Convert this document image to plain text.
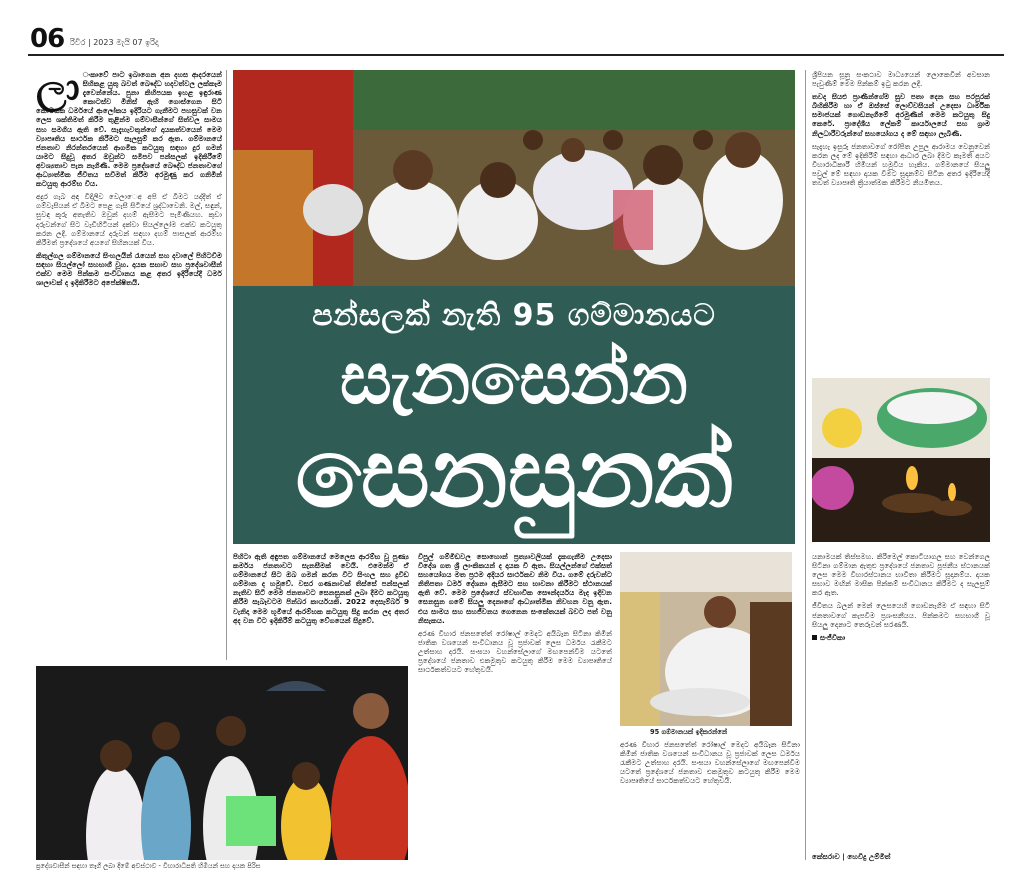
06 රිවිර | 2023 මැයි 07 ඉරිදා
ලා ංකාවේ පාට ඉබාගෙන අන දහස ආදරයෙන් සිහිකළ යුතු බවත් බෞද්ධ හදවත්වල ලක්කෑම දැවෙන්නේය. පුනා කිහිපයක ඉහළ ඉඳුරාණ කොටස්ව මිනිස් ඇහි ගොස්ගෙන සිටි කොටසක ධර්මයේ ආලෝකය ඉදිරියට ගැනීමට පහසුවක් වන ලෙස ශක්තිමත් කිරීම තුළින්ම ගම්වාසීන්ගේ සිත්වල සාමය සහ සමගිය ඇති වේ. සැදැහැවතුන්ගේ දායකත්වයෙන් මෙම ව්‍යාපෘතිය සාර්ථක කිරීමට සැලසුම් කර ඇත. ගම්මානයේ ජනතාව නිරන්තරයෙන් ආගමික කටයුතු සඳහා දුර ගමන් යාමට සිදුවූ අතර ඔවුන්ට සමීපව පන්සලක් ඉදිකිරීමේ අවශ්‍යතාව පැන නැගිණි. මෙම ප්‍රදේශයේ බෞද්ධ ජනතාවගේ ආධ්‍යාත්මික ජීවිතය සවිමත් කිරීම අරමුණු කර ගනිමින් කටයුතු ආරම්භ විය.

අදුර ගැබ අඳ විදිලිව වෙලාෙඅ අපි ඒ බිමට යද්දීත් ඒ ගම්වැසියන් ඒ බිමට පෙළ ගැසී සිටියේ ශ්‍රද්ධාවෙනි. මල්, සඳුන්, සුවඳ කූරු අතැතිව ඔවුන් දහම් ඇසීමට පැමිණියහ. කුඩා දරුවන්ගේ සිට වැඩිහිටියන් දක්වා සියල්ලෝම එක්ව කටයුතු කරන ලදී. ගම්මානයේ දරුවන් සඳහා දහම් පාසලක් ආරම්භ කිරීමත් ප්‍රදේශයේ අයගේ සිහිනයක් විය.

කිතුල්ගල ගම්මානයේ සිංහලයින් රැයෙන් සහ දවාලේ පිහිටවීම සඳහා සියල්ලෝ සහභාගී වූහ. දායක සභාව සහ ප්‍රදේශවාසීන් එක්ව මෙම පින්කම සංවිධානය කළ අතර ඉදිරියේදී ධර්ම ශාලාවක් ද ඉදිකිරීමට අපේක්ෂිතයි.

පන්සලක් නැති 95 ගම්මානයට
සැනසෙන්න
සෙනසුනක්

පිහිටා ඇති අඳුපත ගම්මානයේ මෙලෙස ආරම්භ වූ පුණ්‍ය කර්මය ජනතාවට සැනසීමක් වෙයි. එමෙන්ම ඒ ගම්මානයේ සිට ඔබ ගමන් කරන විට සිංහල සහ ද්‍රවිඩ ගම්මාන ද හමුවේ. වසර ගණනාවක් තිස්සේ පන්සලක් නැතිව සිටි මෙම ජනතාවට සෙනසුනක් ලබා දීමට කටයුතු කිරීම සැබෑවටම පින්බර කාර්යයකි. 2022 දෙසැම්බර් 9 වැනිදා මෙම භූමියේ ආරම්භක කටයුතු සිදු කරන ලද අතර අද වන විට ඉදිකිරීම් කටයුතු වේගයෙන් සිදුවේ.

විපුල් ගම්මිඩවල සොහොන් ප්‍රත්‍යාවලියක් දැකගැනීම උදෙසා විදේශ ගත ශ්‍රී ලාංකිකයන් ද දායක වී ඇත. සියල්ලන්ගේ එක්සත් සහයෝගය මත ප්‍රථම අදියර සාර්ථකව නිම විය. ගමේ දරුවන්ට නිතිපතා ධර්ම දේශනා ඇසීමට සහ භාවනා කිරීමට ස්ථානයක් ඇති වේ. මෙම ප්‍රදේශයේ ස්වභාවික සෞන්දර්යය මැද ඉදිවන සෙනසුන ගමේ සියලු දෙනාගේ ආධ්‍යාත්මික නිවහන වනු ඇත. එය සාමය සහ සහජීවනය ගෙනෙන සංකේතයක් බවට පත් වනු නිසැකය.

අරණ විහාර ජනසතේත් රෝෂාල් මෙදට අයිබෑන සිටීනා කිමින් ජාතික වශයෙන් සංවිධානය වූ ප්‍රජාවක් ලෙස ධර්මය රැකීමට උත්සාහ දරයි. සංඝයා වහන්සේලාගේ මඟපෙන්වීම යටතේ ප්‍රදේශයේ ජනතාව එකමුතුව කටයුතු කිරීම මෙම ව්‍යාපෘතියේ සාර්ථකත්වයට හේතුවයි.

ප්‍රදේශවාසීන් සඳහා තෑගී ලබා දීමේ අවස්ථාව - විහාරාධිපති හිමියන් සහ දායක පිරිස
95 ගම්මානයක් ඉදිකරන්නේ

ශ්‍රීපියන සූනු සංකථාව මාධ්‍යයෙන් ලොකෙවින් අවසාන පැවුණිම් මෙම පින්කම් ඉටු කරන ලදී.

තවද සියළු ප්‍රාණීන්ගේම සුව පතා දෙන සහ පරපුරක් බිහිකිරීම හා ඒ ඔස්සේ ලොව්වසියන් උදෙසා ධාර්මික සමාජයක් ගොඩනැගීමේ අරමුණින් මෙම කටයුතු සිදු කෙරේ. ප්‍රාදේශීය ලේකම් කාර්යාලයේ සහ ග්‍රාම නිලධාරීවරුන්ගේ සහයෝගය ද මේ සඳහා ලැබිණි.

සැදැහැ ඉසුරු ජනතාවගේ රෝපිත උපුල ආරාමය වෙනුවෙන් කරන ලද මේ ඉදිකිරීම් සඳහා ආධාර ලබා දීමට කැමති අයට විහාරාධිකාරී හිමියන් හමුවිය හැකිය. ගම්මානයේ සියලු පවුල් මේ සඳහා දායක වීමට සූදානම්ව සිටින අතර ඉදිරියේදී තවත් ව්‍යාපෘති ක්‍රියාත්මක කිරීමට නියමිතය.

යනාමයක් තිස්සමහ. කිරිමෙල් කොටියාගල සහ වෙන්ගෙල සිටීනා ගම්මාන ඇතුළු ප්‍රදේශයේ ජනතාව පූජනීය ස්ථානයක් ලෙස මෙම විහාරස්ථානය භාවිතා කිරීමට සූදානම්ය. දායක සභාව මඟින් මාසික පින්කම් සංවිධානය කිරීමට ද සැලසුම් කර ඇත.

ජීවිතය බලන් මෙන් ලෙසයෙහි ගොඩනැගීම ඒ සඳහා සිටි ජනතාවගේ කැපවීම ප්‍රශංසනීයය. පින්කමට සහභාගී වූ සියලු දෙනාට තෙරුවන් සරණයි.

සංජීවිකා

කේසරාව | හෙවිදු උම්මිත්

අරණ විහාර ජනසතේත් රෝෂාල් මෙදට අයිබෑන සිටීනා කිමින් ජාතික වශයෙන් සංවිධානය වූ ප්‍රජාවක් ලෙස ධර්මය රැකීමට උත්සාහ දරයි. සංඝයා වහන්සේලාගේ මඟපෙන්වීම යටතේ ප්‍රදේශයේ ජනතාව එකමුතුව කටයුතු කිරීම මෙම ව්‍යාපෘතියේ සාර්ථකත්වයට හේතුවයි.
